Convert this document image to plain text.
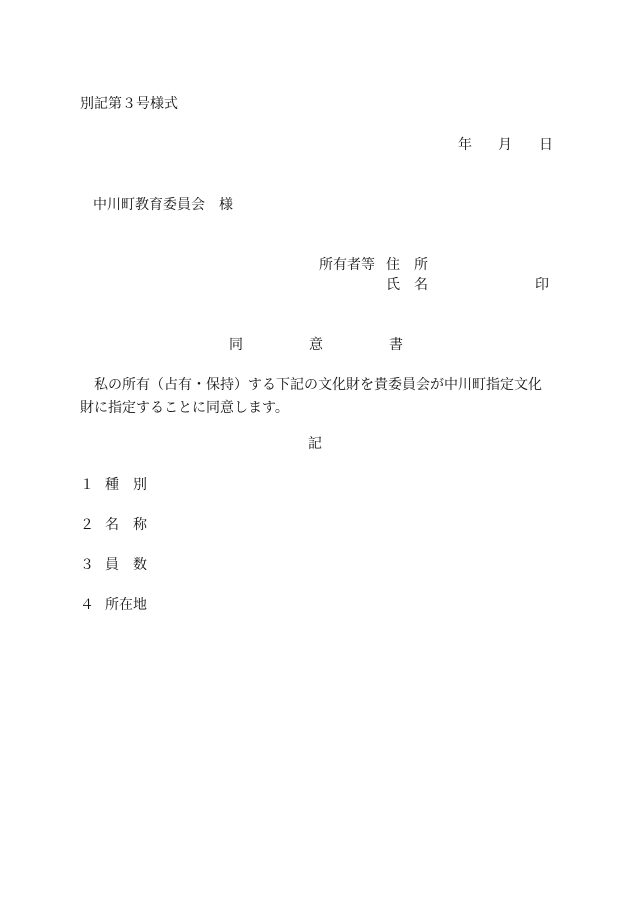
別記第３号様式
年 月 日
中川町教育委員会　様
所有者等 住　所
氏　名	印
同	意	書
私の所有（占有・保持）する下記の文化財を貴委員会が中川町指定文化財に指定することに同意します。
記
１ 種　別
２ 名　称
３ 員　数
４ 所在地
